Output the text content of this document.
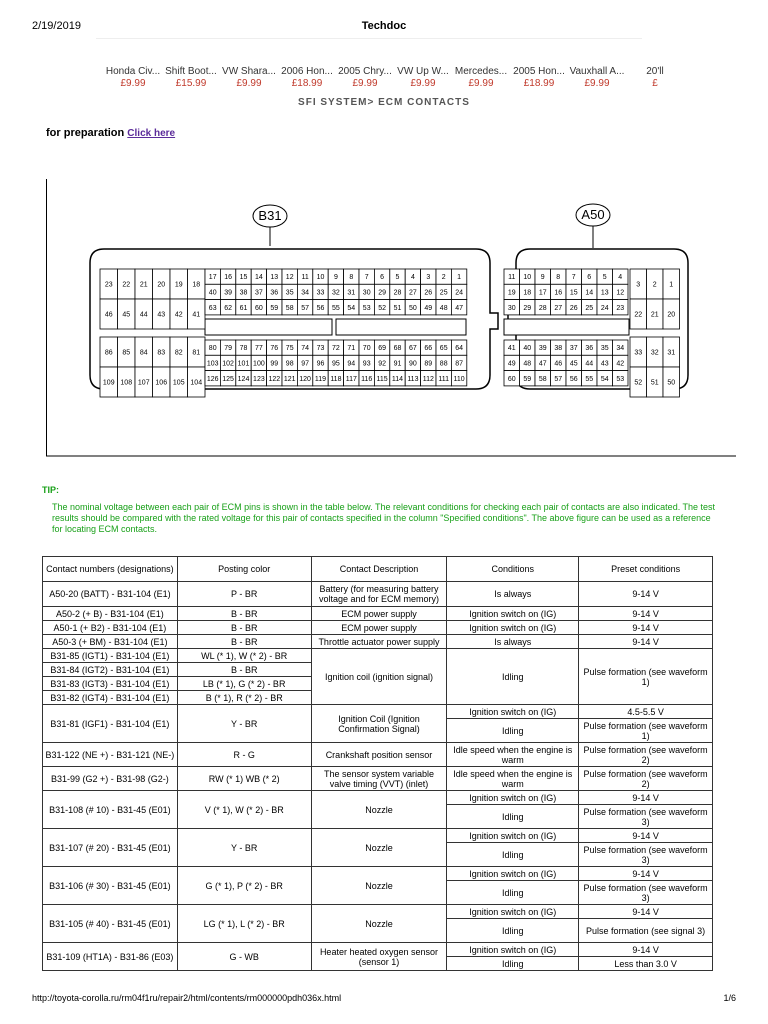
2/19/2019	Techdoc
Honda Civ...
£9.99
Shift Boot...
£15.99
VW Shara...
£9.99
2006 Hon...
£18.99
2005 Chry...
£9.99
VW Up W...
£9.99
Mercedes...
£9.99
2005 Hon...
£18.99
Vauxhall A...
£9.99
20'll
£
SFI SYSTEM> ECM CONTACTS
for preparation Click here
B31	A50
23 22 21 20 19 18
46 45 44 43 42 41
86 85 84 83 82 81
109 108 107 106 105 104
17 16 15 14 13 12 11 10 9 8 7 6 5 4 3 2 1
40 39 38 37 36 35 34 33 32 31 30 29 28 27 26 25 24
63 62 61 60 59 58 57 56 55 54 53 52 51 50 49 48 47
80 79 78 77 76 75 74 73 72 71 70 69 68 67 66 65 64
103 102 101 100 99 98 97 96 95 94 93 92 91 90 89 88 87
126 125 124 123 122 121 120 119 118 117 116 115 114 113 112 111 110
11 10 9 8 7 6 5 4
19 18 17 16 15 14 13 12
30 29 28 27 26 25 24 23
3 2 1
22 21 20
41 40 39 38 37 36 35 34
49 48 47 46 45 44 43 42
60 59 58 57 56 55 54 53
33 32 31
52 51 50
TIP:
The nominal voltage between each pair of ECM pins is shown in the table below. The relevant conditions for checking each pair of contacts are also indicated. The test results should be compared with the rated voltage for this pair of contacts specified in the column "Specified conditions". The above figure can be used as a reference for locating ECM contacts.
Contact numbers (designations)	Posting color	Contact Description	Conditions	Preset conditions
A50-20 (BATT) - B31-104 (E1)	P - BR	Battery (for measuring battery voltage and for ECM memory)	Is always	9-14 V
A50-2 (+ B) - B31-104 (E1)	B - BR	ECM power supply	Ignition switch on (IG)	9-14 V
A50-1 (+ B2) - B31-104 (E1)	B - BR	ECM power supply	Ignition switch on (IG)	9-14 V
A50-3 (+ BM) - B31-104 (E1)	B - BR	Throttle actuator power supply	Is always	9-14 V
B31-85 (IGT1) - B31-104 (E1)	WL (* 1), W (* 2) - BR	Ignition coil (ignition signal)	Idling	Pulse formation (see waveform 1)
B31-84 (IGT2) - B31-104 (E1)	B - BR			
B31-83 (IGT3) - B31-104 (E1)	LB (* 1), G (* 2) - BR			
B31-82 (IGT4) - B31-104 (E1)	B (* 1), R (* 2) - BR			
B31-81 (IGF1) - B31-104 (E1)	Y - BR	Ignition Coil (Ignition Confirmation Signal)	Ignition switch on (IG)	4.5-5.5 V
			Idling	Pulse formation (see waveform 1)
B31-122 (NE +) - B31-121 (NE-)	R - G	Crankshaft position sensor	Idle speed when the engine is warm	Pulse formation (see waveform 2)
B31-99 (G2 +) - B31-98 (G2-)	RW (* 1) WB (* 2)	The sensor system variable valve timing (VVT) (inlet)	Idle speed when the engine is warm	Pulse formation (see waveform 2)
B31-108 (# 10) - B31-45 (E01)	V (* 1), W (* 2) - BR	Nozzle	Ignition switch on (IG)	9-14 V
			Idling	Pulse formation (see waveform 3)
B31-107 (# 20) - B31-45 (E01)	Y - BR	Nozzle	Ignition switch on (IG)	9-14 V
			Idling	Pulse formation (see waveform 3)
B31-106 (# 30) - B31-45 (E01)	G (* 1), P (* 2) - BR	Nozzle	Ignition switch on (IG)	9-14 V
			Idling	Pulse formation (see waveform 3)
B31-105 (# 40) - B31-45 (E01)	LG (* 1), L (* 2) - BR	Nozzle	Ignition switch on (IG)	9-14 V
			Idling	Pulse formation (see signal 3)
B31-109 (HT1A) - B31-86 (E03)	G - WB	Heater heated oxygen sensor (sensor 1)	Ignition switch on (IG)	9-14 V
			Idling	Less than 3.0 V
http://toyota-corolla.ru/rm04f1ru/repair2/html/contents/rm000000pdh036x.html	1/6
